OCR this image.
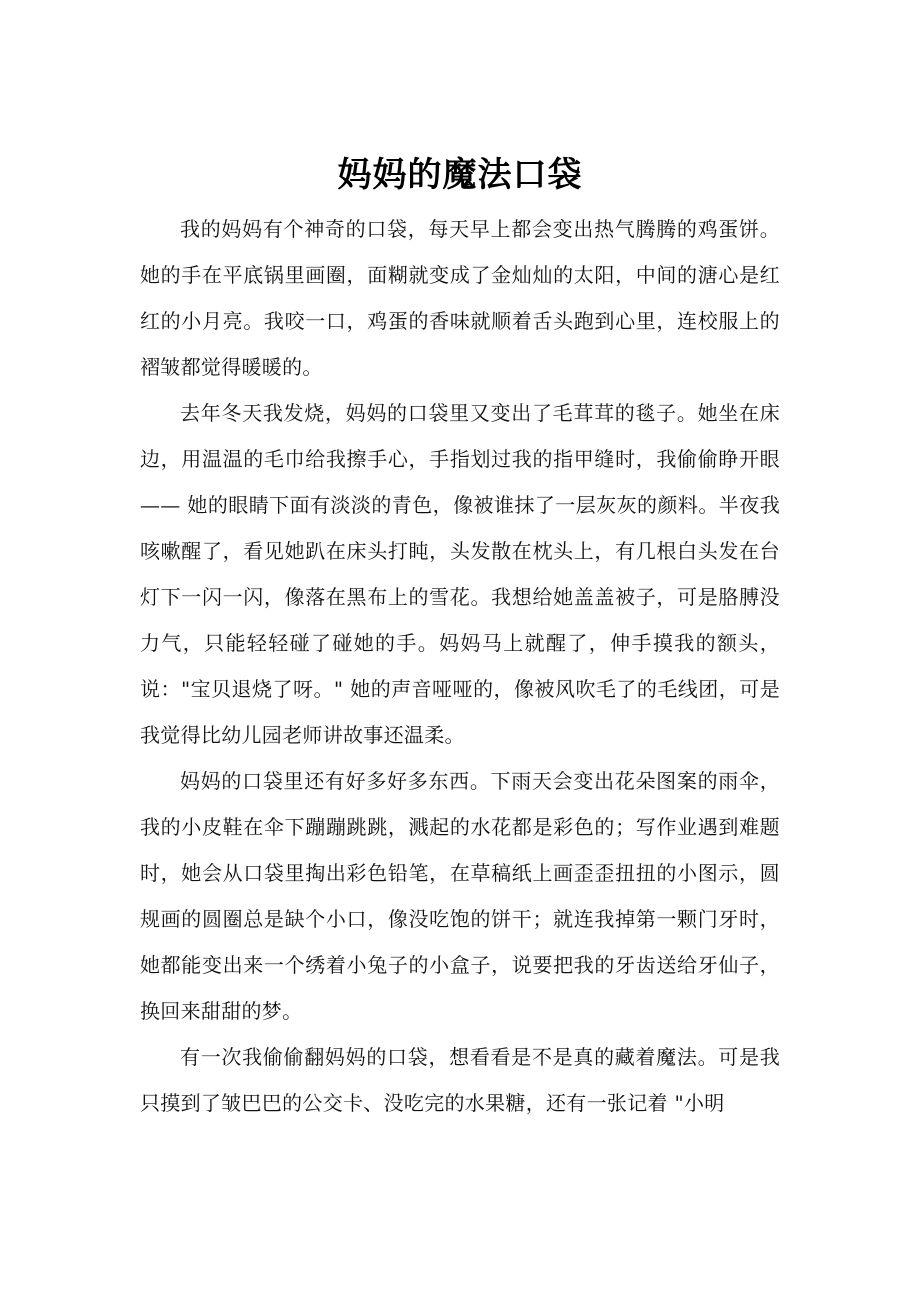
妈妈的魔法口袋

我的妈妈有个神奇的口袋，每天早上都会变出热气腾腾的鸡蛋饼。她的手在平底锅里画圈，面糊就变成了金灿灿的太阳，中间的溏心是红红的小月亮。我咬一口，鸡蛋的香味就顺着舌头跑到心里，连校服上的褶皱都觉得暖暖的。

去年冬天我发烧，妈妈的口袋里又变出了毛茸茸的毯子。她坐在床边，用温温的毛巾给我擦手心，手指划过我的指甲缝时，我偷偷睁开眼 —— 她的眼睛下面有淡淡的青色，像被谁抹了一层灰灰的颜料。半夜我咳嗽醒了，看见她趴在床头打盹，头发散在枕头上，有几根白头发在台灯下一闪一闪，像落在黑布上的雪花。我想给她盖盖被子，可是胳膊没力气，只能轻轻碰了碰她的手。妈妈马上就醒了，伸手摸我的额头，说："宝贝退烧了呀。" 她的声音哑哑的，像被风吹毛了的毛线团，可是我觉得比幼儿园老师讲故事还温柔。

妈妈的口袋里还有好多好多东西。下雨天会变出花朵图案的雨伞，我的小皮鞋在伞下蹦蹦跳跳，溅起的水花都是彩色的；写作业遇到难题时，她会从口袋里掏出彩色铅笔，在草稿纸上画歪歪扭扭的小图示，圆规画的圆圈总是缺个小口，像没吃饱的饼干；就连我掉第一颗门牙时，她都能变出来一个绣着小兔子的小盒子，说要把我的牙齿送给牙仙子，换回来甜甜的梦。

有一次我偷偷翻妈妈的口袋，想看看是不是真的藏着魔法。可是我只摸到了皱巴巴的公交卡、没吃完的水果糖，还有一张记着 "小明
